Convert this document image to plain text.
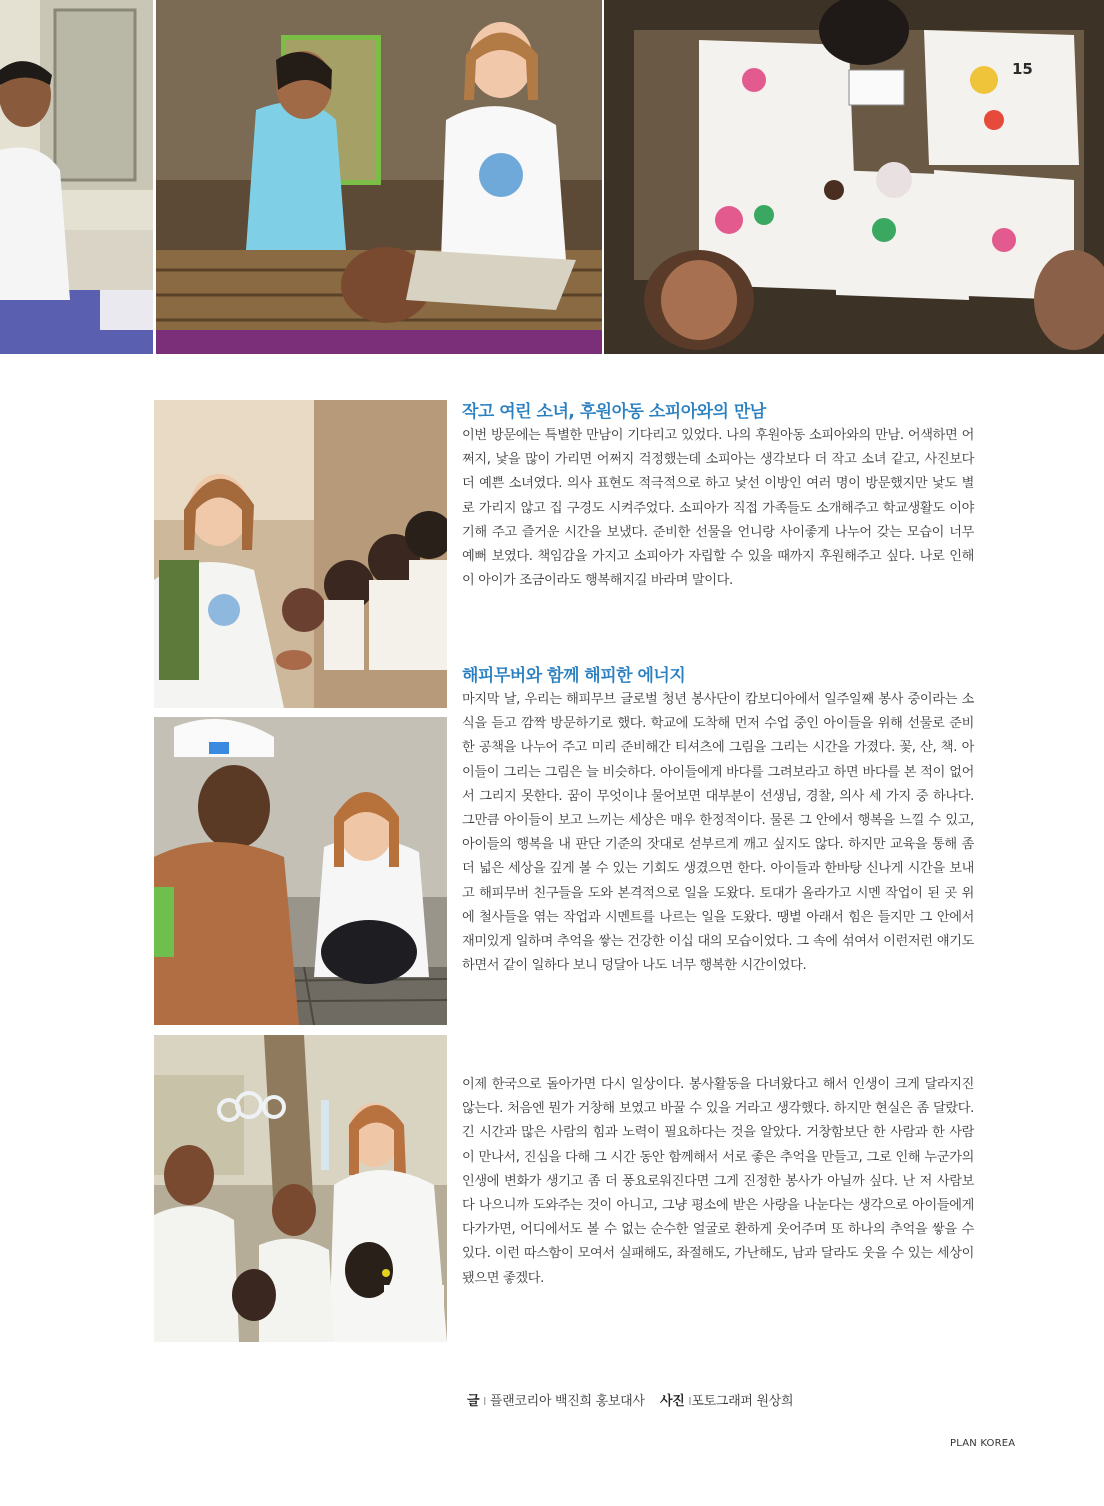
15
작고 여린 소녀, 후원아동 소피아와의 만남

이번 방문에는 특별한 만남이 기다리고 있었다. 나의 후원아동 소피아와의 만남. 어색하면 어쩌지, 낯을 많이 가리면 어쩌지 걱정했는데 소피아는 생각보다 더 작고 소녀 같고, 사진보다 더 예쁜 소녀였다. 의사 표현도 적극적으로 하고 낯선 이방인 여러 명이 방문했지만 낯도 별로 가리지 않고 집 구경도 시켜주었다. 소피아가 직접 가족들도 소개해주고 학교생활도 이야기해 주고 즐거운 시간을 보냈다. 준비한 선물을 언니랑 사이좋게 나누어 갖는 모습이 너무 예뻐 보였다. 책임감을 가지고 소피아가 자립할 수 있을 때까지 후원해주고 싶다. 나로 인해 이 아이가 조금이라도 행복해지길 바라며 말이다.

해피무버와 함께 해피한 에너지

마지막 날, 우리는 해피무브 글로벌 청년 봉사단이 캄보디아에서 일주일째 봉사 중이라는 소식을 듣고 깜짝 방문하기로 했다. 학교에 도착해 먼저 수업 중인 아이들을 위해 선물로 준비한 공책을 나누어 주고 미리 준비해간 티셔츠에 그림을 그리는 시간을 가졌다. 꽃, 산, 책. 아이들이 그리는 그림은 늘 비슷하다. 아이들에게 바다를 그려보라고 하면 바다를 본 적이 없어서 그리지 못한다. 꿈이 무엇이냐 물어보면 대부분이 선생님, 경찰, 의사 세 가지 중 하나다. 그만큼 아이들이 보고 느끼는 세상은 매우 한정적이다. 물론 그 안에서 행복을 느낄 수 있고, 아이들의 행복을 내 판단 기준의 잣대로 섣부르게 깨고 싶지도 않다. 하지만 교육을 통해 좀 더 넓은 세상을 깊게 볼 수 있는 기회도 생겼으면 한다. 아이들과 한바탕 신나게 시간을 보내고 해피무버 친구들을 도와 본격적으로 일을 도왔다. 토대가 올라가고 시멘 작업이 된 곳 위에 철사들을 엮는 작업과 시멘트를 나르는 일을 도왔다. 땡볕 아래서 힘은 들지만 그 안에서 재미있게 일하며 추억을 쌓는 건강한 이십 대의 모습이었다. 그 속에 섞여서 이런저런 얘기도 하면서 같이 일하다 보니 덩달아 나도 너무 행복한 시간이었다.

이제 한국으로 돌아가면 다시 일상이다. 봉사활동을 다녀왔다고 해서 인생이 크게 달라지진 않는다. 처음엔 뭔가 거창해 보였고 바꿀 수 있을 거라고 생각했다. 하지만 현실은 좀 달랐다. 긴 시간과 많은 사람의 힘과 노력이 필요하다는 것을 알았다. 거창함보단 한 사람과 한 사람이 만나서, 진심을 다해 그 시간 동안 함께해서 서로 좋은 추억을 만들고, 그로 인해 누군가의 인생에 변화가 생기고 좀 더 풍요로워진다면 그게 진정한 봉사가 아닐까 싶다. 난 저 사람보다 나으니까 도와주는 것이 아니고, 그냥 평소에 받은 사랑을 나눈다는 생각으로 아이들에게 다가가면, 어디에서도 볼 수 없는 순수한 얼굴로 환하게 웃어주며 또 하나의 추억을 쌓을 수 있다. 이런 따스함이 모여서 실패해도, 좌절해도, 가난해도, 남과 달라도 웃을 수 있는 세상이 됐으면 좋겠다.

글 I 플랜코리아 백진희 홍보대사 사진 I포토그래퍼 원상희
PLAN KOREA
